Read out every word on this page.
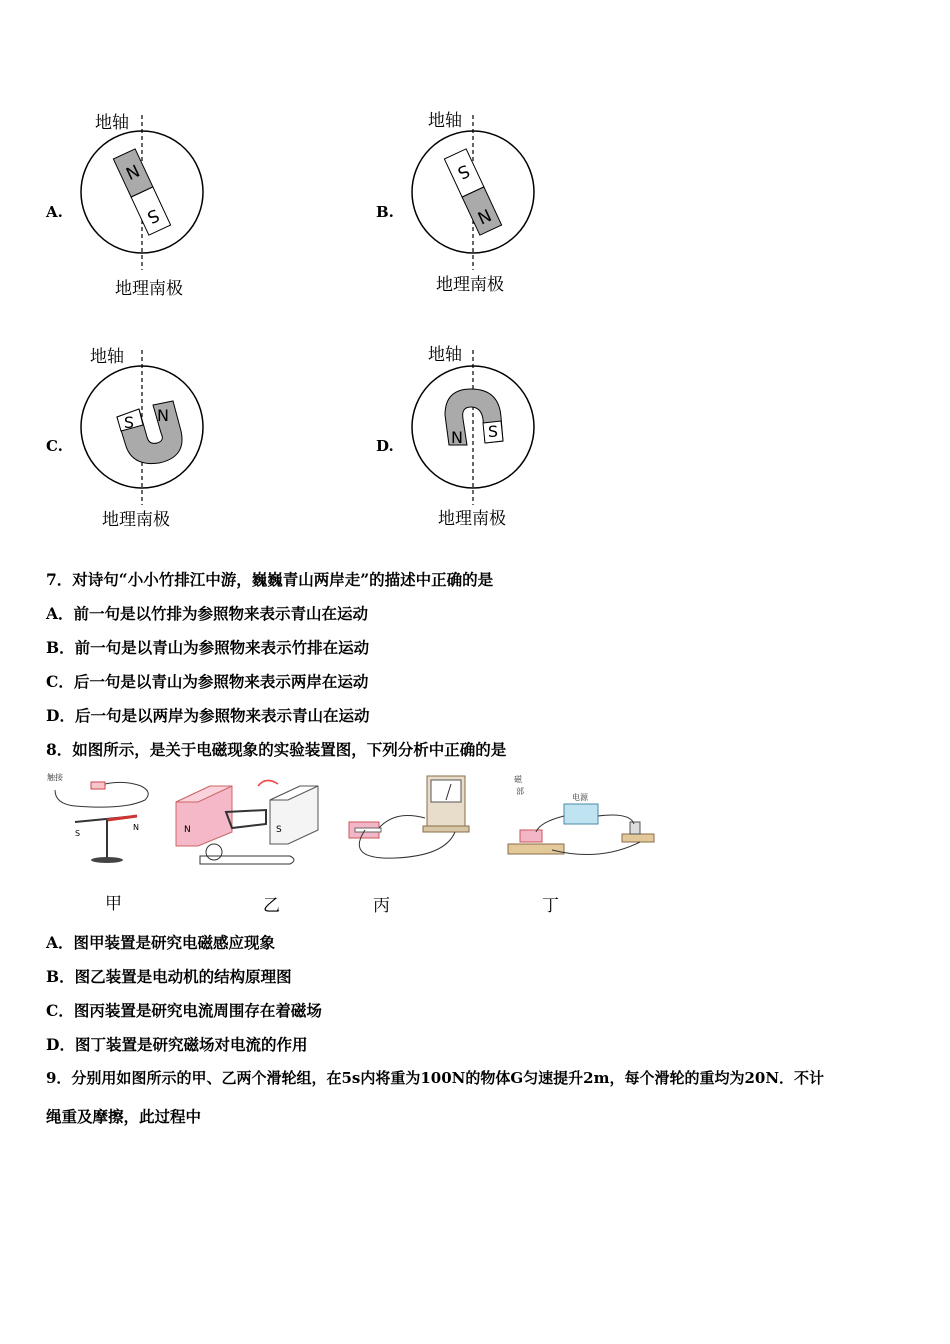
A.	B.
C.	D.
地轴
地理南极
N
S
地轴
地理南极
S
N
地轴
地理南极
S N
地轴
地理南极
N S
7．对诗句“小小竹排江中游，巍巍青山两岸走”的描述中正确的是
A．前一句是以竹排为参照物来表示青山在运动
B．前一句是以青山为参照物来表示竹排在运动
C．后一句是以青山为参照物来表示两岸在运动
D．后一句是以两岸为参照物来表示青山在运动
8．如图所示，是关于电磁现象的实验装置图，下列分析中正确的是
触接
S
N	N	S
磁
部
电源
甲	乙	丙	丁
A．图甲装置是研究电磁感应现象
B．图乙装置是电动机的结构原理图
C．图丙装置是研究电流周围存在着磁场
D．图丁装置是研究磁场对电流的作用
9．分别用如图所示的甲、乙两个滑轮组，在5s内将重为100N的物体G匀速提升2m，每个滑轮的重均为20N．不计
绳重及摩擦，此过程中
